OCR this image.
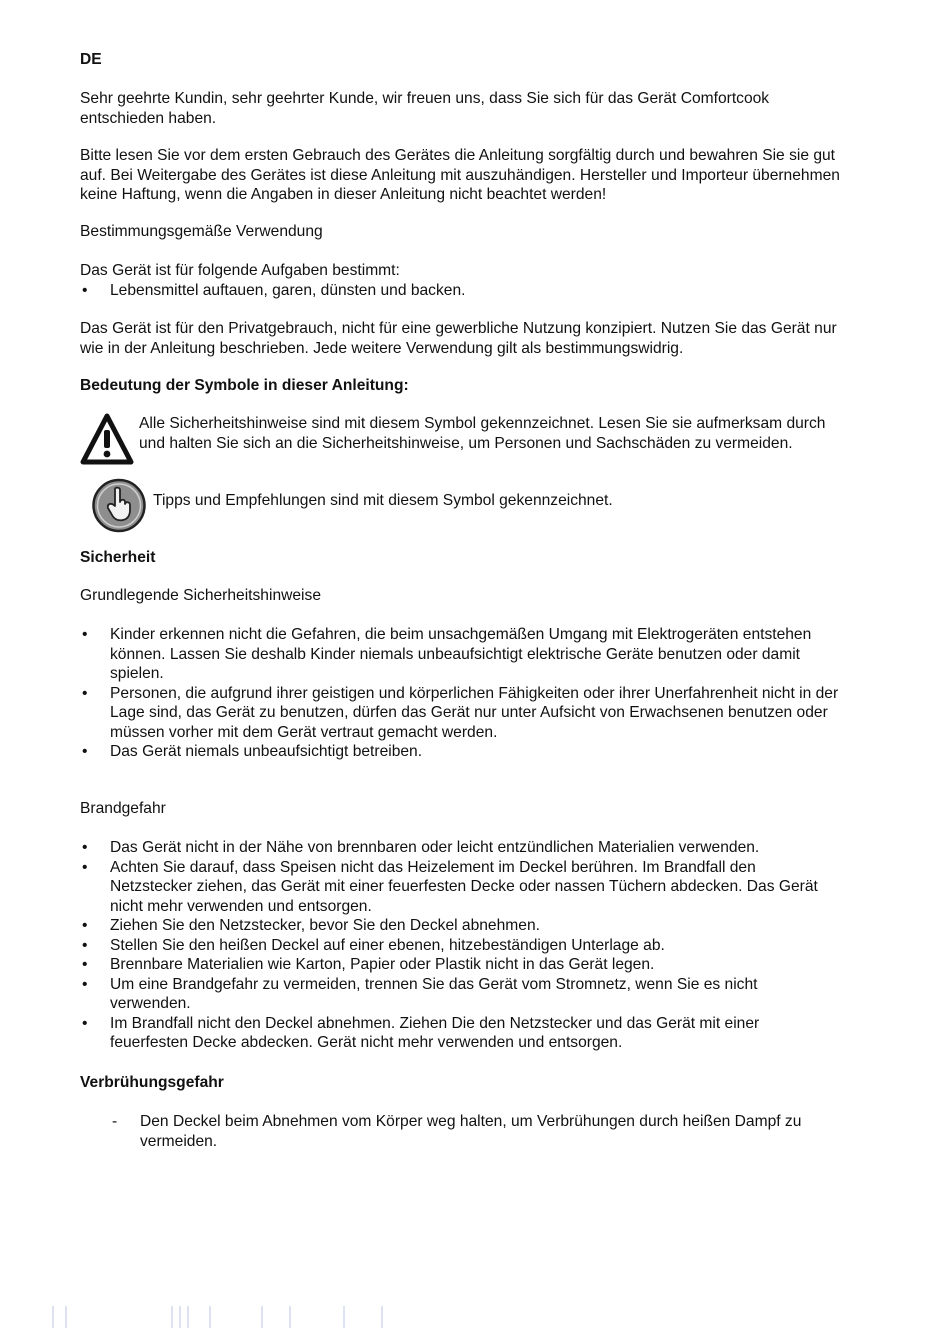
DE

Sehr geehrte Kundin, sehr geehrter Kunde, wir freuen uns, dass Sie sich für das Gerät Comfortcook entschieden haben.

Bitte lesen Sie vor dem ersten Gebrauch des Gerätes die Anleitung sorgfältig durch und bewahren Sie sie gut auf. Bei Weitergabe des Gerätes ist diese Anleitung mit auszuhändigen. Hersteller und Importeur übernehmen keine Haftung, wenn die Angaben in dieser Anleitung nicht beachtet werden!

Bestimmungsgemäße Verwendung

Das Gerät ist für folgende Aufgaben bestimmt:

• Lebensmittel auftauen, garen, dünsten und backen.

Das Gerät ist für den Privatgebrauch, nicht für eine gewerbliche Nutzung konzipiert. Nutzen Sie das Gerät nur wie in der Anleitung beschrieben. Jede weitere Verwendung gilt als bestimmungswidrig.

Bedeutung der Symbole in dieser Anleitung:

Alle Sicherheitshinweise sind mit diesem Symbol gekennzeichnet. Lesen Sie sie aufmerksam durch und halten Sie sich an die Sicherheitshinweise, um Personen und Sachschäden zu vermeiden.

Tipps und Empfehlungen sind mit diesem Symbol gekennzeichnet.

Sicherheit

Grundlegende Sicherheitshinweise

• Kinder erkennen nicht die Gefahren, die beim unsachgemäßen Umgang mit Elektrogeräten entstehen können. Lassen Sie deshalb Kinder niemals unbeaufsichtigt elektrische Geräte benutzen oder damit spielen.
• Personen, die aufgrund ihrer geistigen und körperlichen Fähigkeiten oder ihrer Unerfahrenheit nicht in der Lage sind, das Gerät zu benutzen, dürfen das Gerät nur unter Aufsicht von Erwachsenen benutzen oder müssen vorher mit dem Gerät vertraut gemacht werden.
• Das Gerät niemals unbeaufsichtigt betreiben.

Brandgefahr

• Das Gerät nicht in der Nähe von brennbaren oder leicht entzündlichen Materialien verwenden.
• Achten Sie darauf, dass Speisen nicht das Heizelement im Deckel berühren. Im Brandfall den Netzstecker ziehen, das Gerät mit einer feuerfesten Decke oder nassen Tüchern abdecken. Das Gerät nicht mehr verwenden und entsorgen.
• Ziehen Sie den Netzstecker, bevor Sie den Deckel abnehmen.
• Stellen Sie den heißen Deckel auf einer ebenen, hitzebeständigen Unterlage ab.
• Brennbare Materialien wie Karton, Papier oder Plastik nicht in das Gerät legen.
• Um eine Brandgefahr zu vermeiden, trennen Sie das Gerät vom Stromnetz, wenn Sie es nicht verwenden.
• Im Brandfall nicht den Deckel abnehmen. Ziehen Die den Netzstecker und das Gerät mit einer feuerfesten Decke abdecken. Gerät nicht mehr verwenden und entsorgen.

Verbrühungsgefahr

- Den Deckel beim Abnehmen vom Körper weg halten, um Verbrühungen durch heißen Dampf zu vermeiden.
